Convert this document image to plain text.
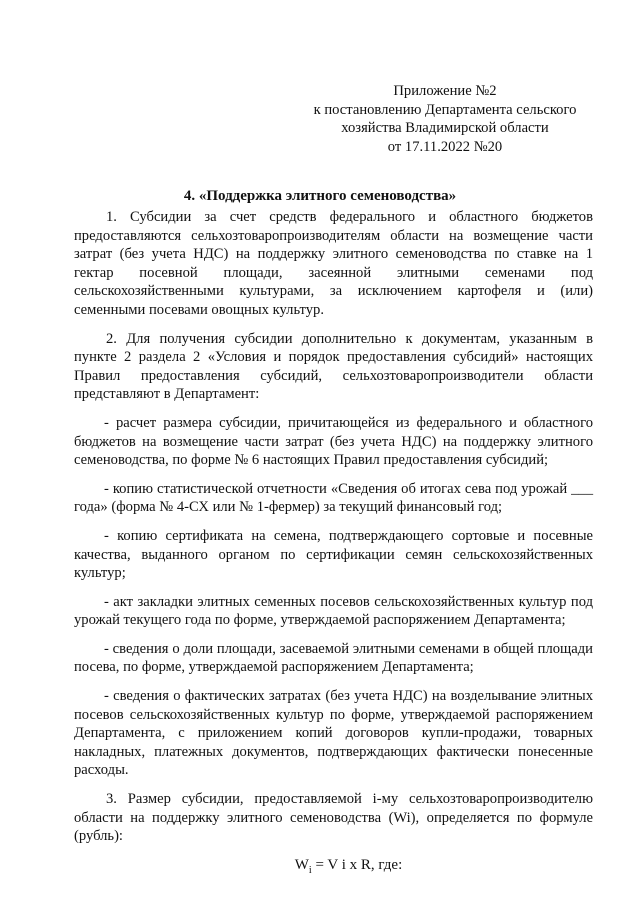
Приложение №2
к постановлению Департамента сельского
хозяйства Владимирской области
от 17.11.2022 №20
4. «Поддержка элитного семеноводства»

1. Субсидии за счет средств федерального и областного бюджетов предоставляются сельхозтоваропроизводителям области на возмещение части затрат (без учета НДС) на поддержку элитного семеноводства по ставке на 1 гектар посевной площади, засеянной элитными семенами под сельскохозяйственными культурами, за исключением картофеля и (или) семенными посевами овощных культур.

2. Для получения субсидии дополнительно к документам, указанным в пункте 2 раздела 2 «Условия и порядок предоставления субсидий» настоящих Правил предоставления субсидий, сельхозтоваропроизводители области представляют в Департамент:

- расчет размера субсидии, причитающейся из федерального и областного бюджетов на возмещение части затрат (без учета НДС) на поддержку элитного семеноводства, по форме № 6 настоящих Правил предоставления субсидий;

- копию статистической отчетности «Сведения об итогах сева под урожай ___ года» (форма № 4-СХ или № 1-фермер) за текущий финансовый год;

- копию сертификата на семена, подтверждающего сортовые и посевные качества, выданного органом по сертификации семян сельскохозяйственных культур;

- акт закладки элитных семенных посевов сельскохозяйственных культур под урожай текущего года по форме, утверждаемой распоряжением Департамента;

- сведения о доли площади, засеваемой элитными семенами в общей площади посева, по форме, утверждаемой распоряжением Департамента;

- сведения о фактических затратах (без учета НДС) на возделывание элитных посевов сельскохозяйственных культур по форме, утверждаемой распоряжением Департамента, с приложением копий договоров купли-продажи, товарных накладных, платежных документов, подтверждающих фактически понесенные расходы.

3. Размер субсидии, предоставляемой i-му сельхозтоваропроизводителю области на поддержку элитного семеноводства (Wi), определяется по формуле (рубль):

$W_i = V$ i x R, где:
